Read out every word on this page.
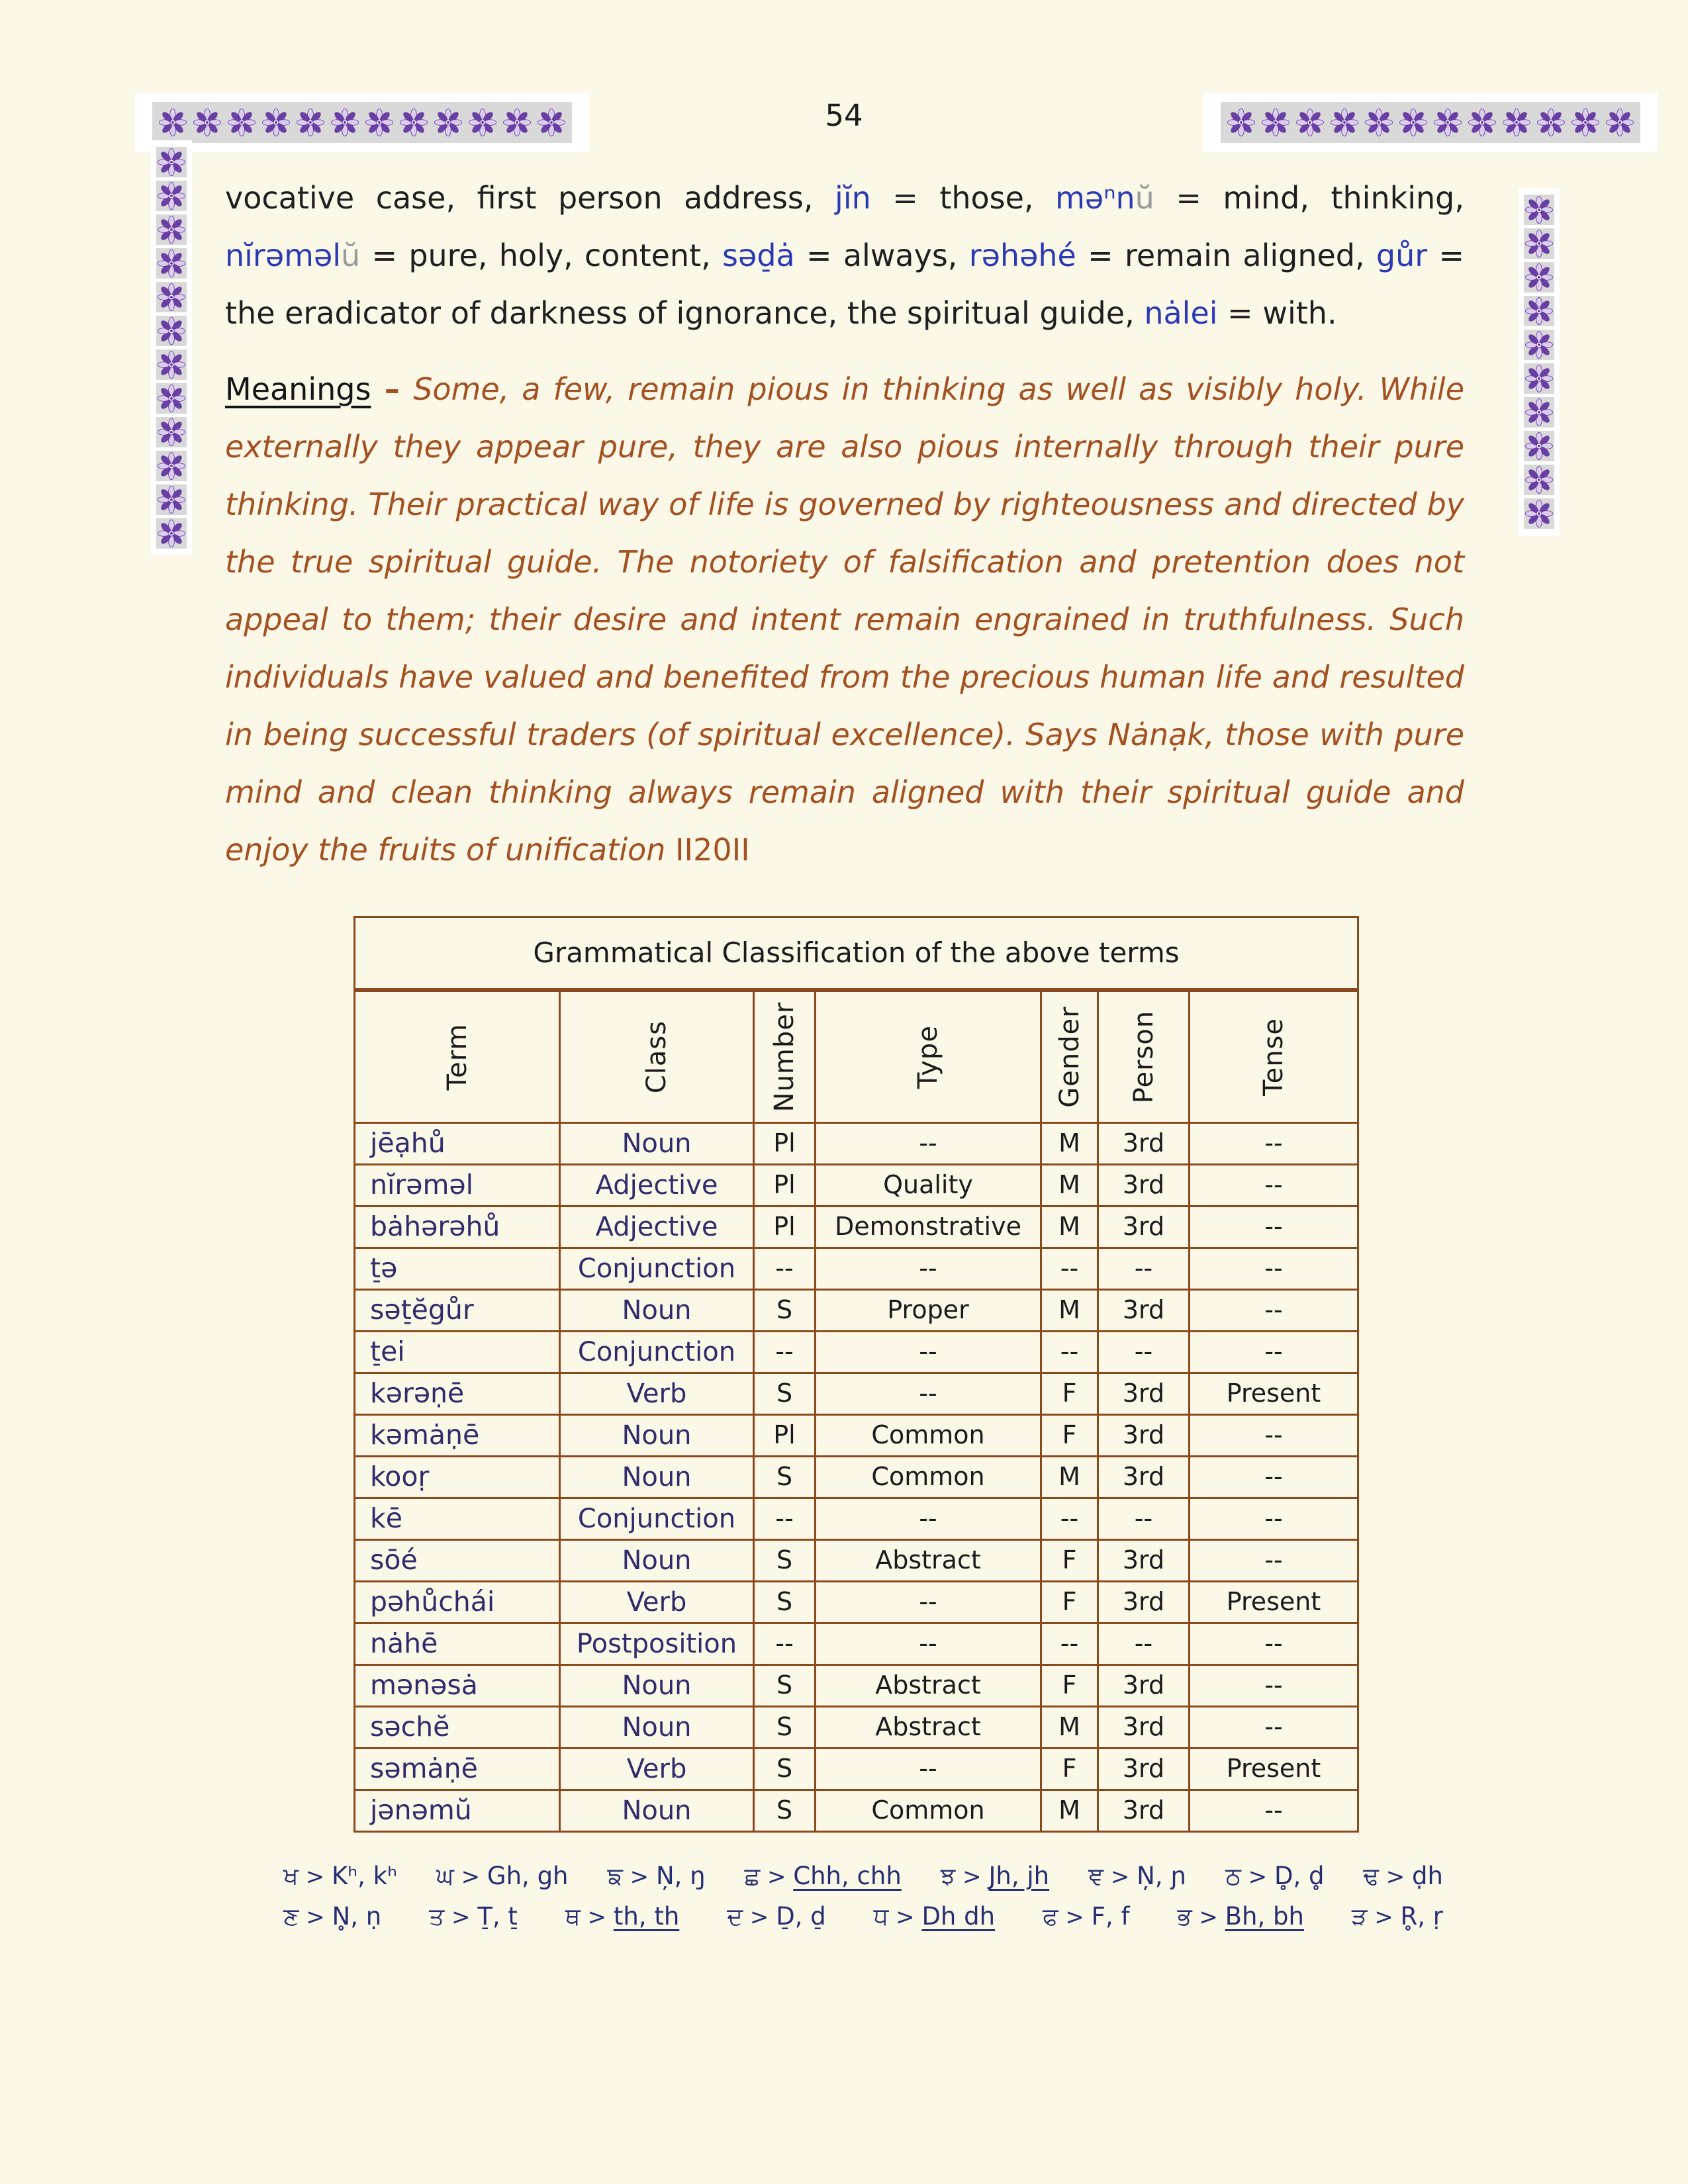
54

vocative case, first person address, jĭn = those, məⁿnŭ = mind, thinking, nĭrəməlŭ = pure, holy, content, səd̠ȧ = always, rəhəhé = remain aligned, gůr = the eradicator of darkness of ignorance, the spiritual guide, nȧlei = with.

Meanings – Some, a few, remain pious in thinking as well as visibly holy. While externally they appear pure, they are also pious internally through their pure thinking. Their practical way of life is governed by righteousness and directed by the true spiritual guide. The notoriety of falsification and pretention does not appeal to them; their desire and intent remain engrained in truthfulness. Such individuals have valued and benefited from the precious human life and resulted in being successful traders (of spiritual excellence). Says Nȧnạk, those with pure mind and clean thinking always remain aligned with their spiritual guide and enjoy the fruits of unification II20II

Grammatical Classification of the above terms						

Term	Class	Number	Type	Gender	Person	Tense

jēạhů	Noun	Pl	--	M	3rd	--
nĭrəməl	Adjective	Pl	Quality	M	3rd	--
bȧhərəhů	Adjective	Pl	Demonstrative	M	3rd	--
t̠ə	Conjunction	--	--	--	--	--
sət̠ĕgůr	Noun	S	Proper	M	3rd	--
t̠ei	Conjunction	--	--	--	--	--
kərəṇē	Verb	S	--	F	3rd	Present
kəmȧṇē	Noun	Pl	Common	F	3rd	--
kooṛ	Noun	S	Common	M	3rd	--
kē	Conjunction	--	--	--	--	--
sōé	Noun	S	Abstract	F	3rd	--
pəhůchái	Verb	S	--	F	3rd	Present
nȧhē	Postposition	--	--	--	--	--
mənəsȧ	Noun	S	Abstract	F	3rd	--
səchĕ	Noun	S	Abstract	M	3rd	--
səmȧṇē	Verb	S	--	F	3rd	Present
jənəmŭ	Noun	S	Common	M	3rd	--
ਖ > Kʰ, kʰ ਘ > Gh, gh ਙ > N̦, ŋ ਛ > Chh, chh ਝ > Jh, jh ਞ > N̦, ɲ ਠ > D̥, d̥ ਢ > ḍh
ਣ > N̥, ṇ ਤ > T̠, t̠ ਥ > th, th ਦ > D̠, d̠ ਧ > Dh dh ਫ > F, f ਭ > Bh, bh ੜ > R̥, ṛ
